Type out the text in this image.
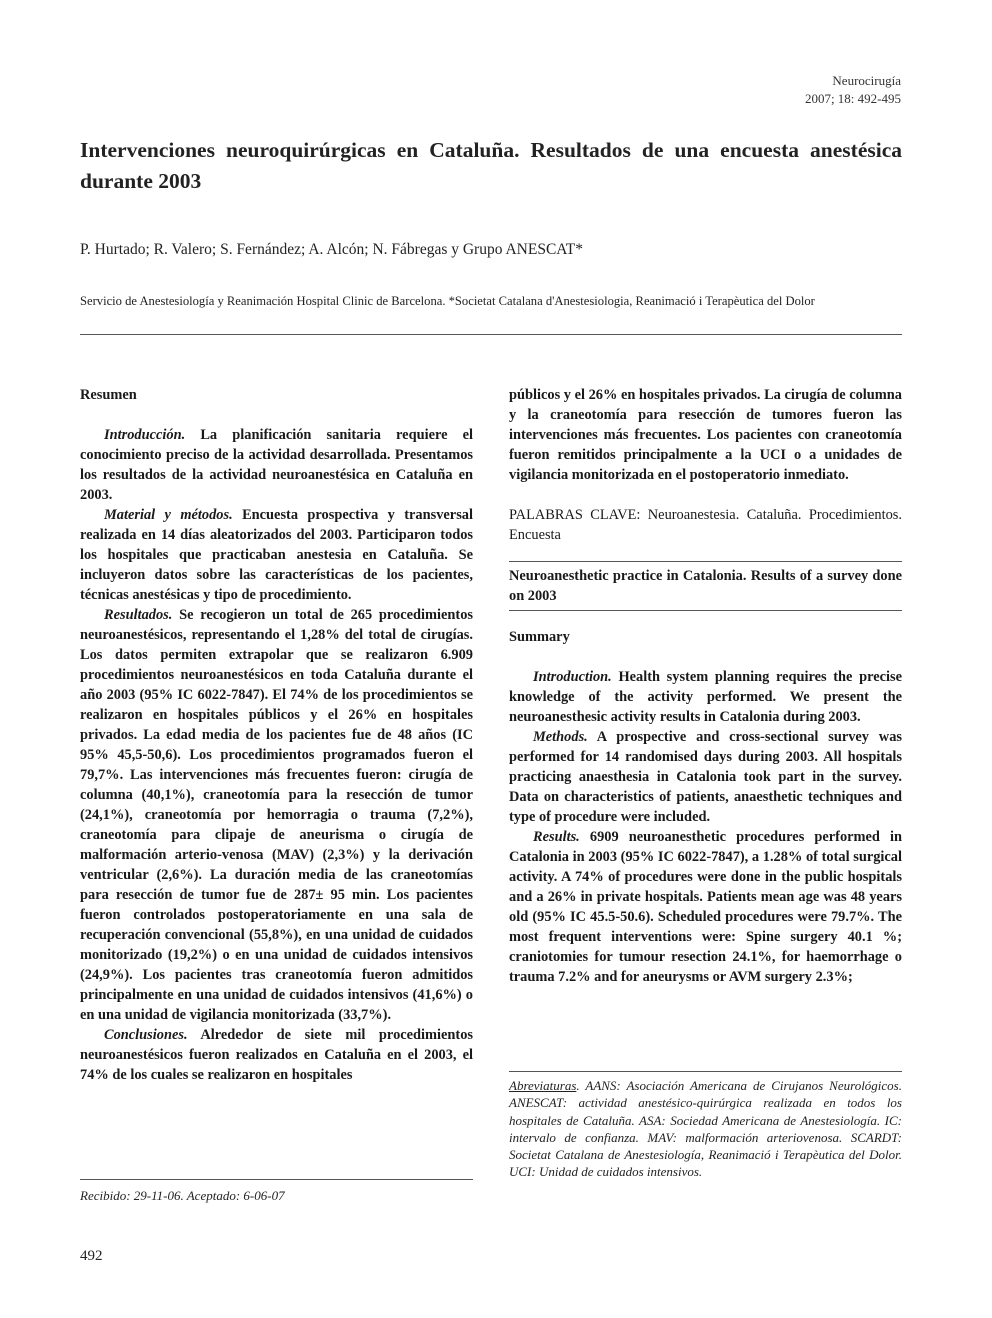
Neurocirugía
2007; 18: 492-495
Intervenciones neuroquirúrgicas en Cataluña. Resultados de una encuesta anestésica durante 2003
P. Hurtado; R. Valero; S. Fernández; A. Alcón; N. Fábregas y Grupo ANESCAT*
Servicio de Anestesiología y Reanimación Hospital Clinic de Barcelona. *Societat Catalana d'Anestesiologia, Reanimació i Terapèutica del Dolor

Resumen

Introducción. La planificación sanitaria requiere el conocimiento preciso de la actividad desarrollada. Presentamos los resultados de la actividad neuroanestésica en Cataluña en 2003.

Material y métodos. Encuesta prospectiva y transversal realizada en 14 días aleatorizados del 2003. Participaron todos los hospitales que practicaban anestesia en Cataluña. Se incluyeron datos sobre las características de los pacientes, técnicas anestésicas y tipo de procedimiento.

Resultados. Se recogieron un total de 265 procedimientos neuroanestésicos, representando el 1,28% del total de cirugías. Los datos permiten extrapolar que se realizaron 6.909 procedimientos neuroanestésicos en toda Cataluña durante el año 2003 (95% IC 6022-7847). El 74% de los procedimientos se realizaron en hospitales públicos y el 26% en hospitales privados. La edad media de los pacientes fue de 48 años (IC 95% 45,5-50,6). Los procedimientos programados fueron el 79,7%. Las intervenciones más frecuentes fueron: cirugía de columna (40,1%), craneotomía para la resección de tumor (24,1%), craneotomía por hemorragia o trauma (7,2%), craneotomía para clipaje de aneurisma o cirugía de malformación arterio-venosa (MAV) (2,3%) y la derivación ventricular (2,6%). La duración media de las craneotomías para resección de tumor fue de 287± 95 min. Los pacientes fueron controlados postoperatoriamente en una sala de recuperación convencional (55,8%), en una unidad de cuidados monitorizado (19,2%) o en una unidad de cuidados intensivos (24,9%). Los pacientes tras craneotomía fueron admitidos principalmente en una unidad de cuidados intensivos (41,6%) o en una unidad de vigilancia monitorizada (33,7%).

Conclusiones. Alrededor de siete mil procedimientos neuroanestésicos fueron realizados en Cataluña en el 2003, el 74% de los cuales se realizaron en hospitales

públicos y el 26% en hospitales privados. La cirugía de columna y la craneotomía para resección de tumores fueron las intervenciones más frecuentes. Los pacientes con craneotomía fueron remitidos principalmente a la UCI o a unidades de vigilancia monitorizada en el postoperatorio inmediato.

PALABRAS CLAVE: Neuroanestesia. Cataluña. Procedimientos. Encuesta

Neuroanesthetic practice in Catalonia. Results of a survey done on 2003

Summary

Introduction. Health system planning requires the precise knowledge of the activity performed. We present the neuroanesthesic activity results in Catalonia during 2003.

Methods. A prospective and cross-sectional survey was performed for 14 randomised days during 2003. All hospitals practicing anaesthesia in Catalonia took part in the survey. Data on characteristics of patients, anaesthetic techniques and type of procedure were included.

Results. 6909 neuroanesthetic procedures performed in Catalonia in 2003 (95% IC 6022-7847), a 1.28% of total surgical activity. A 74% of procedures were done in the public hospitals and a 26% in private hospitals. Patients mean age was 48 years old (95% IC 45.5-50.6). Scheduled procedures were 79.7%. The most frequent interventions were: Spine surgery 40.1 %; craniotomies for tumour resection 24.1%, for haemorrhage o trauma 7.2% and for aneurysms or AVM surgery 2.3%;

Abreviaturas. AANS: Asociación Americana de Cirujanos Neurológicos. ANESCAT: actividad anestésico-quirúrgica realizada en todos los hospitales de Cataluña. ASA: Sociedad Americana de Anestesiología. IC: intervalo de confianza. MAV: malformación arteriovenosa. SCARDT: Societat Catalana de Anestesiología, Reanimació i Terapèutica del Dolor. UCI: Unidad de cuidados intensivos.
Recibido: 29-11-06. Aceptado: 6-06-07
492
